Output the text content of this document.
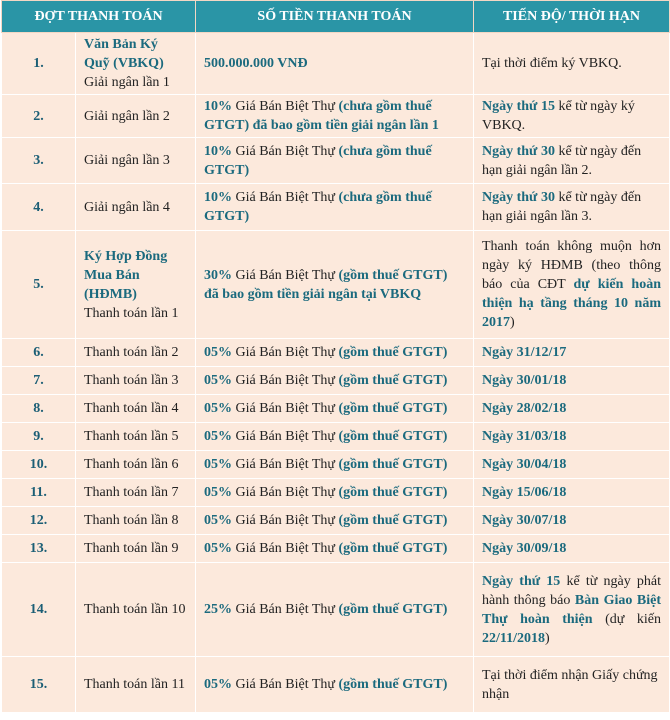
ĐỢT THANH TOÁN		SỐ TIỀN THANH TOÁN	TIẾN ĐỘ/ THỜI HẠN
1.	Văn Bản Ký Quỹ (VBKQ)
Giải ngân lần 1	500.000.000 VNĐ	Tại thời điểm ký VBKQ.
2.	Giải ngân lần 2	10% Giá Bán Biệt Thự (chưa gồm thuế GTGT) đã bao gồm tiền giải ngân lần 1	Ngày thứ 15 kể từ ngày ký VBKQ.
3.	Giải ngân lần 3	10% Giá Bán Biệt Thự (chưa gồm thuế GTGT)	Ngày thứ 30 kể từ ngày đến hạn giải ngân lần 2.
4.	Giải ngân lần 4	10% Giá Bán Biệt Thự (chưa gồm thuế GTGT)	Ngày thứ 30 kể từ ngày đến hạn giải ngân lần 3.
5.	Ký Hợp Đồng Mua Bán (HĐMB)
Thanh toán lần 1	30% Giá Bán Biệt Thự (gồm thuế GTGT) đã bao gồm tiền giải ngân tại VBKQ	Thanh toán không muộn hơn ngày ký HĐMB (theo thông báo của CĐT dự kiến hoàn thiện hạ tầng tháng 10 năm 2017)
6.	Thanh toán lần 2	05% Giá Bán Biệt Thự (gồm thuế GTGT)	Ngày 31/12/17
7.	Thanh toán lần 3	05% Giá Bán Biệt Thự (gồm thuế GTGT)	Ngày 30/01/18
8.	Thanh toán lần 4	05% Giá Bán Biệt Thự (gồm thuế GTGT)	Ngày 28/02/18
9.	Thanh toán lần 5	05% Giá Bán Biệt Thự (gồm thuế GTGT)	Ngày 31/03/18
10.	Thanh toán lần 6	05% Giá Bán Biệt Thự (gồm thuế GTGT)	Ngày 30/04/18
11.	Thanh toán lần 7	05% Giá Bán Biệt Thự (gồm thuế GTGT)	Ngày 15/06/18
12.	Thanh toán lần 8	05% Giá Bán Biệt Thự (gồm thuế GTGT)	Ngày 30/07/18
13.	Thanh toán lần 9	05% Giá Bán Biệt Thự (gồm thuế GTGT)	Ngày 30/09/18
14.	Thanh toán lần 10	25% Giá Bán Biệt Thự (gồm thuế GTGT)	Ngày thứ 15 kể từ ngày phát hành thông báo Bàn Giao Biệt Thự hoàn thiện (dự kiến 22/11/2018)
15.	Thanh toán lần 11	05% Giá Bán Biệt Thự (gồm thuế GTGT)	Tại thời điểm nhận Giấy chứng nhận
